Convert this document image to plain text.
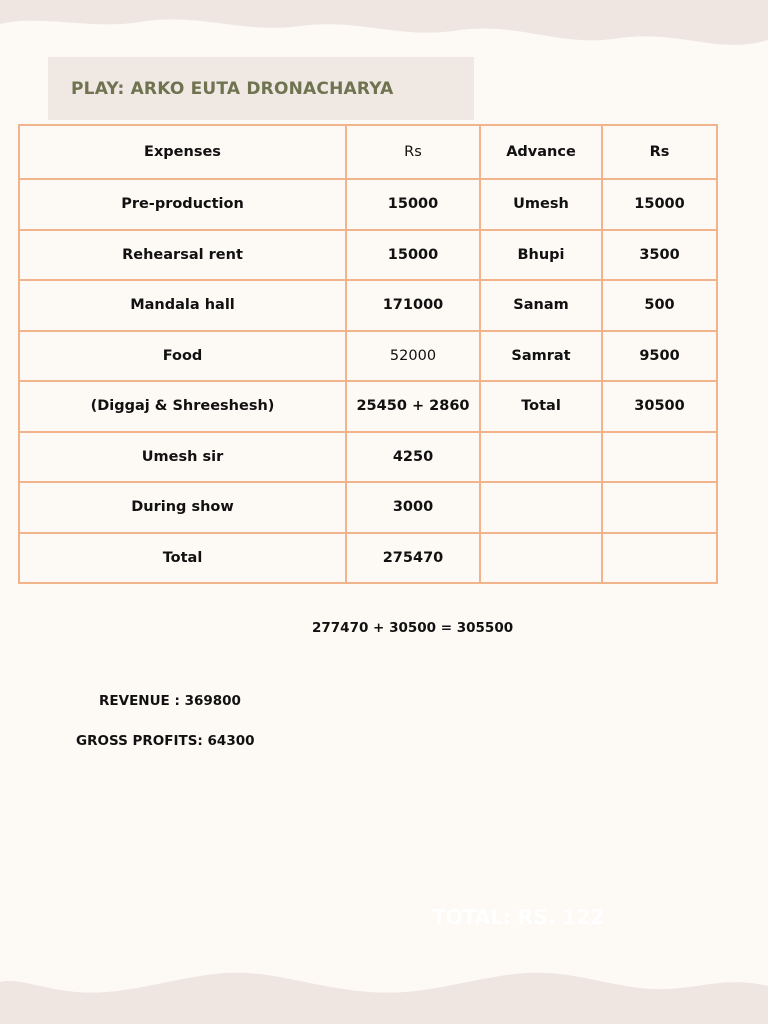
PLAY: ARKO EUTA DRONACHARYA
Expenses	Rs	Advance	Rs
Pre-production	15000	Umesh	15000
Rehearsal rent	15000	Bhupi	3500
Mandala hall	171000	Sanam	500
Food	52000	Samrat	9500
(Diggaj & Shreeshesh)	25450 + 2860	Total	30500
Umesh sir	4250		
During show	3000		
Total	275470		
277470 + 30500 = 305500
REVENUE : 369800
GROSS PROFITS: 64300
TOTAL: RS. 122
